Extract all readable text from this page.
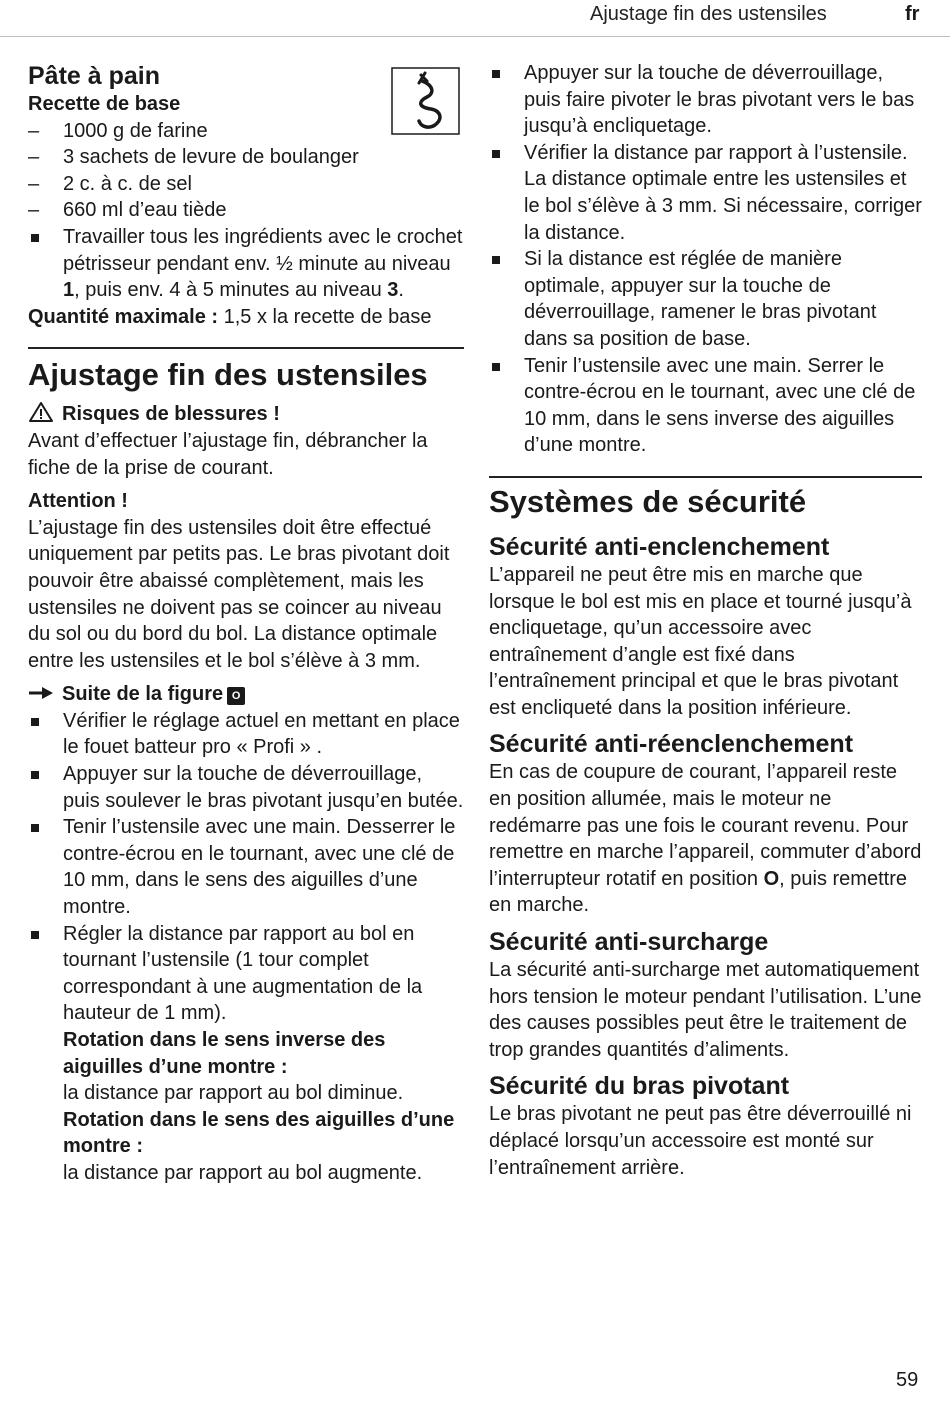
Ajustage fin des ustensiles	fr
Pâte à pain
Recette de base
– 1000 g de farine
– 3 sachets de levure de boulanger
– 2 c. à c. de sel
– 660 ml d’eau tiède
Travailler tous les ingrédients avec le crochet pétrisseur pendant env. ½ minute au niveau 1, puis env. 4 à 5 minutes au niveau 3.
Quantité maximale : 1,5 x la recette de base
Ajustage fin des ustensiles
Risques de blessures !
Avant d’effectuer l’ajustage fin, débrancher la fiche de la prise de courant.
Attention !
L’ajustage fin des ustensiles doit être effectué uniquement par petits pas. Le bras pivotant doit pouvoir être abaissé complètement, mais les ustensiles ne doivent pas se coincer au niveau du sol ou du bord du bol. La distance optimale entre les ustensiles et le bol s’élève à 3 mm.
Suite de la figure O
Vérifier le réglage actuel en mettant en place le fouet batteur pro « Profi » .
Appuyer sur la touche de déverrouillage, puis soulever le bras pivotant jusqu’en butée.
Tenir l’ustensile avec une main. Desserrer le contre-écrou en le tournant, avec une clé de 10 mm, dans le sens des aiguilles d’une montre.
Régler la distance par rapport au bol en tournant l’ustensile (1 tour complet correspondant à une augmentation de la hauteur de 1 mm).
Rotation dans le sens inverse des aiguilles d’une montre :
la distance par rapport au bol diminue.
Rotation dans le sens des aiguilles d’une montre :
la distance par rapport au bol augmente.
Appuyer sur la touche de déverrouillage, puis faire pivoter le bras pivotant vers le bas jusqu’à encliquetage.
Vérifier la distance par rapport à l’ustensile. La distance optimale entre les ustensiles et le bol s’élève à 3 mm. Si nécessaire, corriger la distance.
Si la distance est réglée de manière optimale, appuyer sur la touche de déverrouillage, ramener le bras pivotant dans sa position de base.
Tenir l’ustensile avec une main. Serrer le contre-écrou en le tournant, avec une clé de 10 mm, dans le sens inverse des aiguilles d’une montre.
Systèmes de sécurité
Sécurité anti-enclenchement
L’appareil ne peut être mis en marche que lorsque le bol est mis en place et tourné jusqu’à encliquetage, qu’un accessoire avec entraînement d’angle est fixé dans l’entraînement principal et que le bras pivotant est encliqueté dans la position inférieure.
Sécurité anti-réenclenchement
En cas de coupure de courant, l’appareil reste en position allumée, mais le moteur ne redémarre pas une fois le courant revenu. Pour remettre en marche l’appareil, commuter d’abord l’interrupteur rotatif en position O, puis remettre en marche.
Sécurité anti-surcharge
La sécurité anti-surcharge met automatiquement hors tension le moteur pendant l’utilisation. L’une des causes possibles peut être le traitement de trop grandes quantités d’aliments.
Sécurité du bras pivotant
Le bras pivotant ne peut pas être déverrouillé ni déplacé lorsqu’un accessoire est monté sur l’entraînement arrière.
59
